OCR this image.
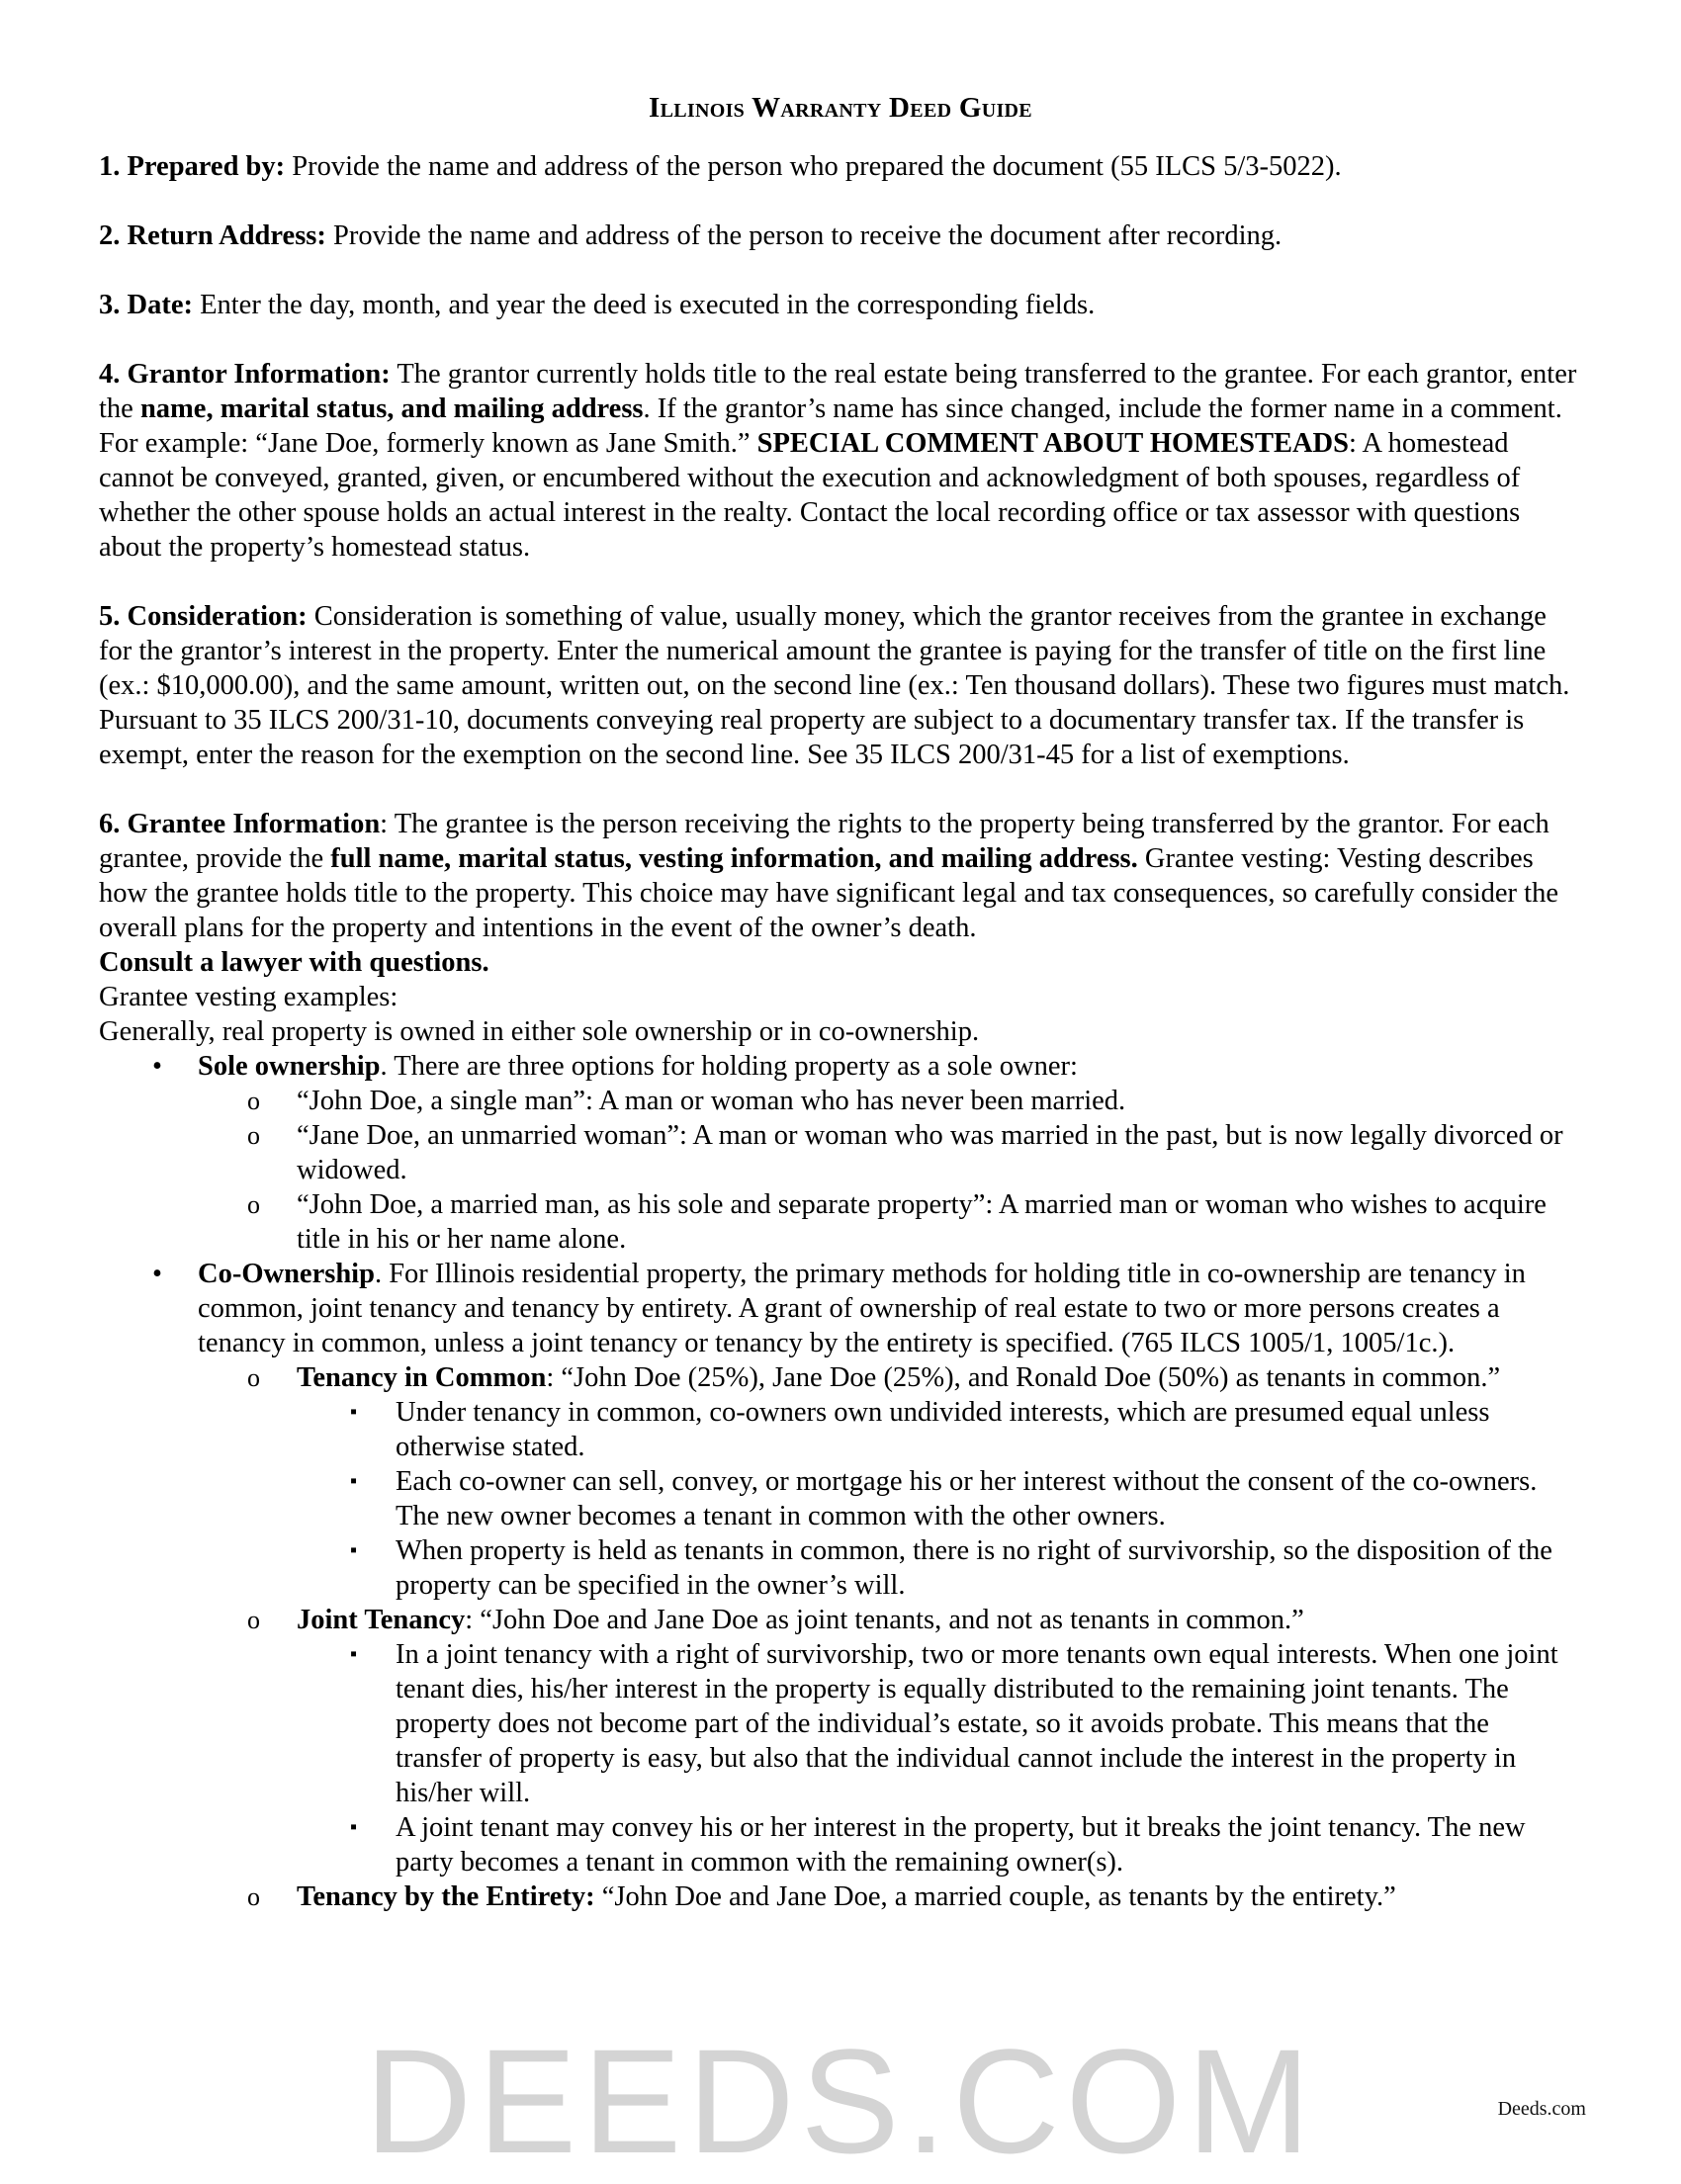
Illinois Warranty Deed Guide

1. Prepared by: Provide the name and address of the person who prepared the document (55 ILCS 5/3-5022).

2. Return Address: Provide the name and address of the person to receive the document after recording.

3. Date: Enter the day, month, and year the deed is executed in the corresponding fields.

4. Grantor Information: The grantor currently holds title to the real estate being transferred to the grantee. For each grantor, enter the name, marital status, and mailing address. If the grantor’s name has since changed, include the former name in a comment. For example: “Jane Doe, formerly known as Jane Smith.” SPECIAL COMMENT ABOUT HOMESTEADS: A homestead cannot be conveyed, granted, given, or encumbered without the execution and acknowledgment of both spouses, regardless of whether the other spouse holds an actual interest in the realty. Contact the local recording office or tax assessor with questions about the property’s homestead status.

5. Consideration: Consideration is something of value, usually money, which the grantor receives from the grantee in exchange for the grantor’s interest in the property. Enter the numerical amount the grantee is paying for the transfer of title on the first line (ex.: $10,000.00), and the same amount, written out, on the second line (ex.: Ten thousand dollars). These two figures must match. Pursuant to 35 ILCS 200/31-10, documents conveying real property are subject to a documentary transfer tax. If the transfer is exempt, enter the reason for the exemption on the second line. See 35 ILCS 200/31-45 for a list of exemptions.

6. Grantee Information: The grantee is the person receiving the rights to the property being transferred by the grantor. For each grantee, provide the full name, marital status, vesting information, and mailing address. Grantee vesting: Vesting describes how the grantee holds title to the property. This choice may have significant legal and tax consequences, so carefully consider the overall plans for the property and intentions in the event of the owner’s death.
Consult a lawyer with questions.

Grantee vesting examples:

Generally, real property is owned in either sole ownership or in co-ownership.

• Sole ownership. There are three options for holding property as a sole owner:
o “John Doe, a single man”: A man or woman who has never been married.
o “Jane Doe, an unmarried woman”: A man or woman who was married in the past, but is now legally divorced or widowed.
o “John Doe, a married man, as his sole and separate property”: A married man or woman who wishes to acquire title in his or her name alone.
• Co-Ownership. For Illinois residential property, the primary methods for holding title in co-ownership are tenancy in common, joint tenancy and tenancy by entirety. A grant of ownership of real estate to two or more persons creates a tenancy in common, unless a joint tenancy or tenancy by the entirety is specified. (765 ILCS 1005/1, 1005/1c.).
o Tenancy in Common: “John Doe (25%), Jane Doe (25%), and Ronald Doe (50%) as tenants in common.”
▪ Under tenancy in common, co-owners own undivided interests, which are presumed equal unless otherwise stated.
▪ Each co-owner can sell, convey, or mortgage his or her interest without the consent of the co-owners. The new owner becomes a tenant in common with the other owners.
▪ When property is held as tenants in common, there is no right of survivorship, so the disposition of the property can be specified in the owner’s will.
o Joint Tenancy: “John Doe and Jane Doe as joint tenants, and not as tenants in common.”
▪ In a joint tenancy with a right of survivorship, two or more tenants own equal interests. When one joint tenant dies, his/her interest in the property is equally distributed to the remaining joint tenants. The property does not become part of the individual’s estate, so it avoids probate. This means that the transfer of property is easy, but also that the individual cannot include the interest in the property in his/her will.
▪ A joint tenant may convey his or her interest in the property, but it breaks the joint tenancy. The new party becomes a tenant in common with the remaining owner(s).
o Tenancy by the Entirety: “John Doe and Jane Doe, a married couple, as tenants by the entirety.”
DEEDS.COM	Deeds.com
